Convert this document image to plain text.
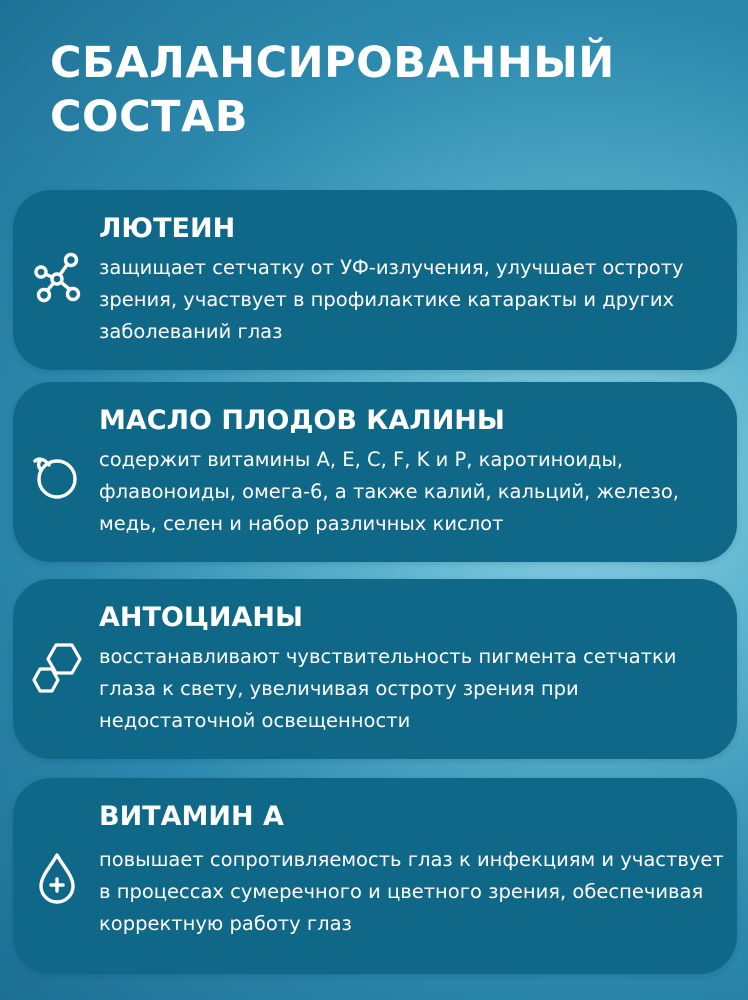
СБАЛАНСИРОВАННЫЙ СОСТАВ
ЛЮТЕИН

защищает сетчатку от УФ-излучения, улучшает остроту зрения, участвует в профилактике катаракты и других заболеваний глаз

МАСЛО ПЛОДОВ КАЛИНЫ

содержит витамины A, E, C, F, K и P, каротиноиды, флавоноиды, омега-6, а также калий, кальций, железо, медь, селен и набор различных кислот

АНТОЦИАНЫ

восстанавливают чувствительность пигмента сетчатки глаза к свету, увеличивая остроту зрения при недостаточной освещенности

ВИТАМИН А

повышает сопротивляемость глаз к инфекциям и участвует в процессах сумеречного и цветного зрения, обеспечивая корректную работу глаз
